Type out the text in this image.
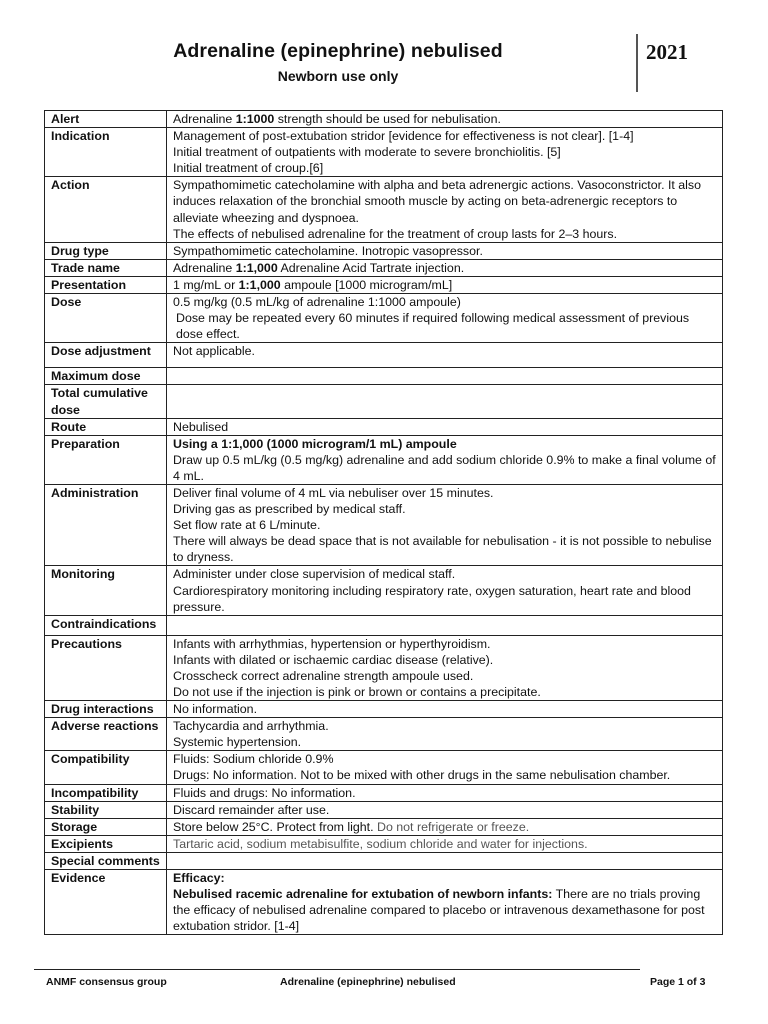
Adrenaline (epinephrine) nebulised
Newborn use only
2021
Alert	Adrenaline 1:1000 strength should be used for nebulisation.
Indication	Management of post-extubation stridor [evidence for effectiveness is not clear]. [1-4]
Initial treatment of outpatients with moderate to severe bronchiolitis. [5]
Initial treatment of croup.[6]

Action	Sympathomimetic catecholamine with alpha and beta adrenergic actions. Vasoconstrictor. It also induces relaxation of the bronchial smooth muscle by acting on beta-adrenergic receptors to alleviate wheezing and dyspnoea.
The effects of nebulised adrenaline for the treatment of croup lasts for 2–3 hours.

Drug type	Sympathomimetic catecholamine. Inotropic vasopressor.
Trade name	Adrenaline 1:1,000 Adrenaline Acid Tartrate injection.
Presentation	1 mg/mL or 1:1,000 ampoule [1000 microgram/mL]
Dose	0.5 mg/kg (0.5 mL/kg of adrenaline 1:1000 ampoule)
Dose may be repeated every 60 minutes if required following medical assessment of previous dose effect.

Dose adjustment	Not applicable.
Maximum dose	
Total cumulative dose	
Route	Nebulised
Preparation	Using a 1:1,000 (1000 microgram/1 mL) ampoule
Draw up 0.5 mL/kg (0.5 mg/kg) adrenaline and add sodium chloride 0.9% to make a final volume of 4 mL.

Administration	Deliver final volume of 4 mL via nebuliser over 15 minutes.
Driving gas as prescribed by medical staff.
Set flow rate at 6 L/minute.
There will always be dead space that is not available for nebulisation - it is not possible to nebulise to dryness.

Monitoring	Administer under close supervision of medical staff.
Cardiorespiratory monitoring including respiratory rate, oxygen saturation, heart rate and blood pressure.

Contraindications	
Precautions	Infants with arrhythmias, hypertension or hyperthyroidism.
Infants with dilated or ischaemic cardiac disease (relative).
Crosscheck correct adrenaline strength ampoule used.
Do not use if the injection is pink or brown or contains a precipitate.

Drug interactions	No information.
Adverse reactions	Tachycardia and arrhythmia.
Systemic hypertension.

Compatibility	Fluids: Sodium chloride 0.9%
Drugs: No information. Not to be mixed with other drugs in the same nebulisation chamber.

Incompatibility	Fluids and drugs: No information.
Stability	Discard remainder after use.
Storage	Store below 25°C. Protect from light. Do not refrigerate or freeze.
Excipients	Tartaric acid, sodium metabisulfite, sodium chloride and water for injections.
Special comments	
Evidence	Efficacy:
Nebulised racemic adrenaline for extubation of newborn infants: There are no trials proving the efficacy of nebulised adrenaline compared to placebo or intravenous dexamethasone for post extubation stridor. [1-4]
ANMF consensus group	Adrenaline (epinephrine) nebulised	Page 1 of 3
